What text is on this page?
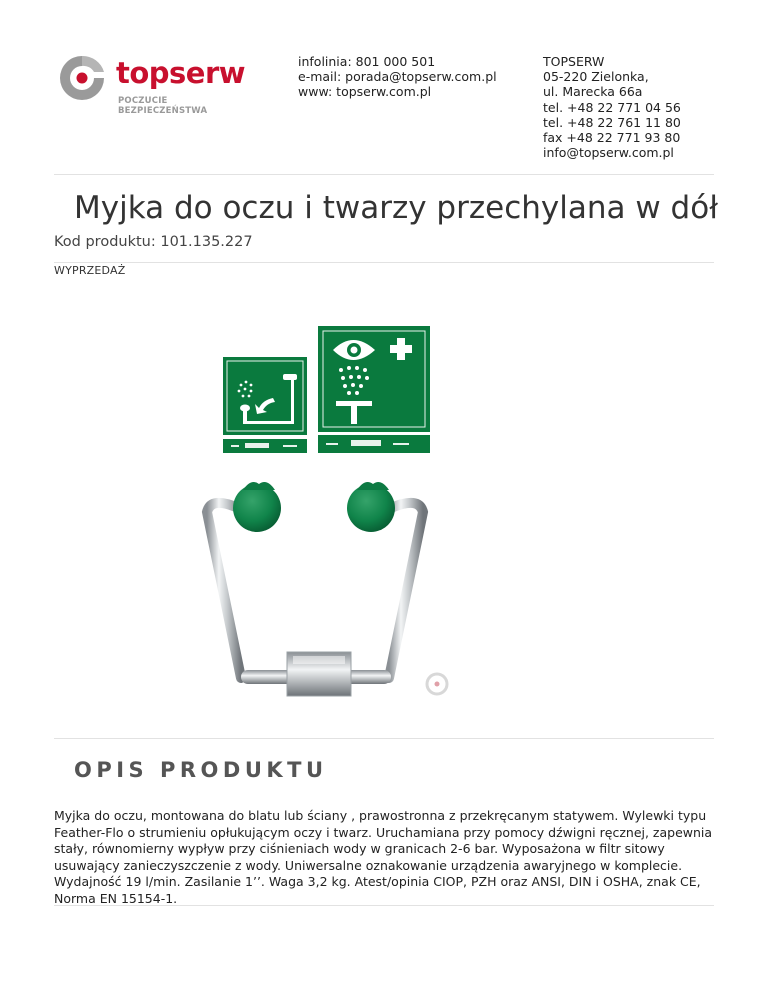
topserw
POCZUCIE BEZPIECZEŃSTWA
infolinia: 801 000 501
e-mail: porada@topserw.com.pl
www: topserw.com.pl
TOPSERW
05-220 Zielonka,
ul. Marecka 66a
tel. +48 22 771 04 56
tel. +48 22 761 11 80
fax +48 22 771 93 80
info@topserw.com.pl
Myjka do oczu i twarzy przechylana w dół
Kod produktu: 101.135.227
WYPRZEDAŻ
OPIS PRODUKTU

Myjka do oczu, montowana do blatu lub ściany , prawostronna z przekręcanym statywem. Wylewki typu Feather-Flo o strumieniu opłukującym oczy i twarz. Uruchamiana przy pomocy dźwigni ręcznej, zapewnia stały, równomierny wypływ przy ciśnieniach wody w granicach 2-6 bar. Wyposażona w filtr sitowy usuwający zanieczyszczenie z wody. Uniwersalne oznakowanie urządzenia awaryjnego w komplecie. Wydajność 19 l/min. Zasilanie 1’’. Waga 3,2 kg. Atest/opinia CIOP, PZH oraz ANSI, DIN i OSHA, znak CE, Norma EN 15154-1.
